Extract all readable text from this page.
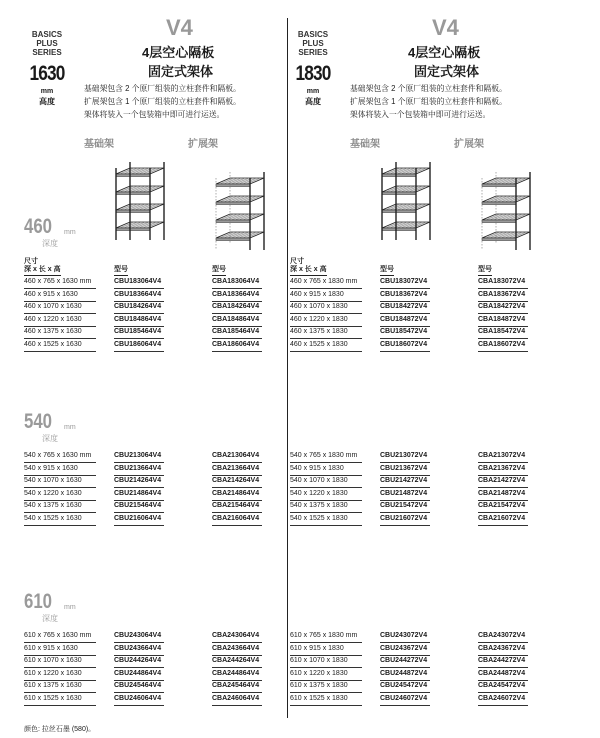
BASICS
PLUS
SERIES
1630
mm
高度
V4
4层空心隔板
固定式架体
基础架包含 2 个原厂组装的立柱套件和隔板。
扩展架包含 1 个原厂组装的立柱套件和隔板。
架体将装入一个包装箱中即可进行运送。
基础架	扩展架
尺寸
深 x 长 x 高	型号	型号
460 mm
深度
460 x 765 x 1630 mm	CBU183064V4	CBA183064V4
460 x 915 x 1630	CBU183664V4	CBA183664V4
460 x 1070 x 1630	CBU184264V4	CBA184264V4
460 x 1220 x 1630	CBU184864V4	CBA184864V4
460 x 1375 x 1630	CBU185464V4	CBA185464V4
460 x 1525 x 1630	CBU186064V4	CBA186064V4
540 mm
深度
540 x 765 x 1630 mm	CBU213064V4	CBA213064V4
540 x 915 x 1630	CBU213664V4	CBA213664V4
540 x 1070 x 1630	CBU214264V4	CBA214264V4
540 x 1220 x 1630	CBU214864V4	CBA214864V4
540 x 1375 x 1630	CBU215464V4	CBA215464V4
540 x 1525 x 1630	CBU216064V4	CBA216064V4
610 mm
深度
610 x 765 x 1630 mm	CBU243064V4	CBA243064V4
610 x 915 x 1630	CBU243664V4	CBA243664V4
610 x 1070 x 1630	CBU244264V4	CBA244264V4
610 x 1220 x 1630	CBU244864V4	CBA244864V4
610 x 1375 x 1630	CBU245464V4	CBA245464V4
610 x 1525 x 1630	CBU246064V4	CBA246064V4
BASICS
PLUS
SERIES
1830
mm
高度
V4
4层空心隔板
固定式架体
基础架包含 2 个原厂组装的立柱套件和隔板。
扩展架包含 1 个原厂组装的立柱套件和隔板。
架体将装入一个包装箱中即可进行运送。
基础架	扩展架
尺寸
深 x 长 x 高	型号	型号
460 x 765 x 1830 mm	CBU183072V4	CBA183072V4
460 x 915 x 1830	CBU183672V4	CBA183672V4
460 x 1070 x 1830	CBU184272V4	CBA184272V4
460 x 1220 x 1830	CBU184872V4	CBA184872V4
460 x 1375 x 1830	CBU185472V4	CBA185472V4
460 x 1525 x 1830	CBU186072V4	CBA186072V4
540 x 765 x 1830 mm	CBU213072V4	CBA213072V4
540 x 915 x 1830	CBU213672V4	CBA213672V4
540 x 1070 x 1830	CBU214272V4	CBA214272V4
540 x 1220 x 1830	CBU214872V4	CBA214872V4
540 x 1375 x 1830	CBU215472V4	CBA215472V4
540 x 1525 x 1830	CBU216072V4	CBA216072V4
610 x 765 x 1830 mm	CBU243072V4	CBA243072V4
610 x 915 x 1830	CBU243672V4	CBA243672V4
610 x 1070 x 1830	CBU244272V4	CBA244272V4
610 x 1220 x 1830	CBU244872V4	CBA244872V4
610 x 1375 x 1830	CBU245472V4	CBA245472V4
610 x 1525 x 1830	CBU246072V4	CBA246072V4
颜色: 拉丝石墨 (580)。
